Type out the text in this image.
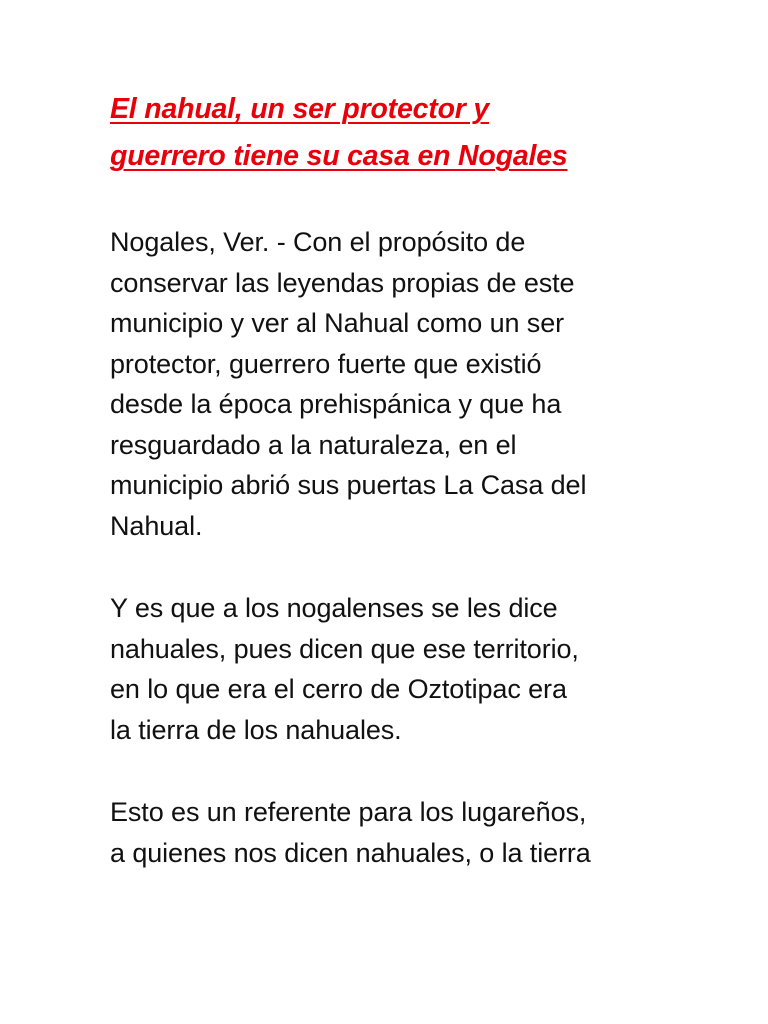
El nahual, un ser protector y
guerrero tiene su casa en Nogales

Nogales, Ver. - Con el propósito de
conservar las leyendas propias de este
municipio y ver al Nahual como un ser
protector, guerrero fuerte que existió
desde la época prehispánica y que ha
resguardado a la naturaleza, en el
municipio abrió sus puertas La Casa del
Nahual.

Y es que a los nogalenses se les dice
nahuales, pues dicen que ese territorio,
en lo que era el cerro de Oztotipac era
la tierra de los nahuales.

Esto es un referente para los lugareños,
a quienes nos dicen nahuales, o la tierra
